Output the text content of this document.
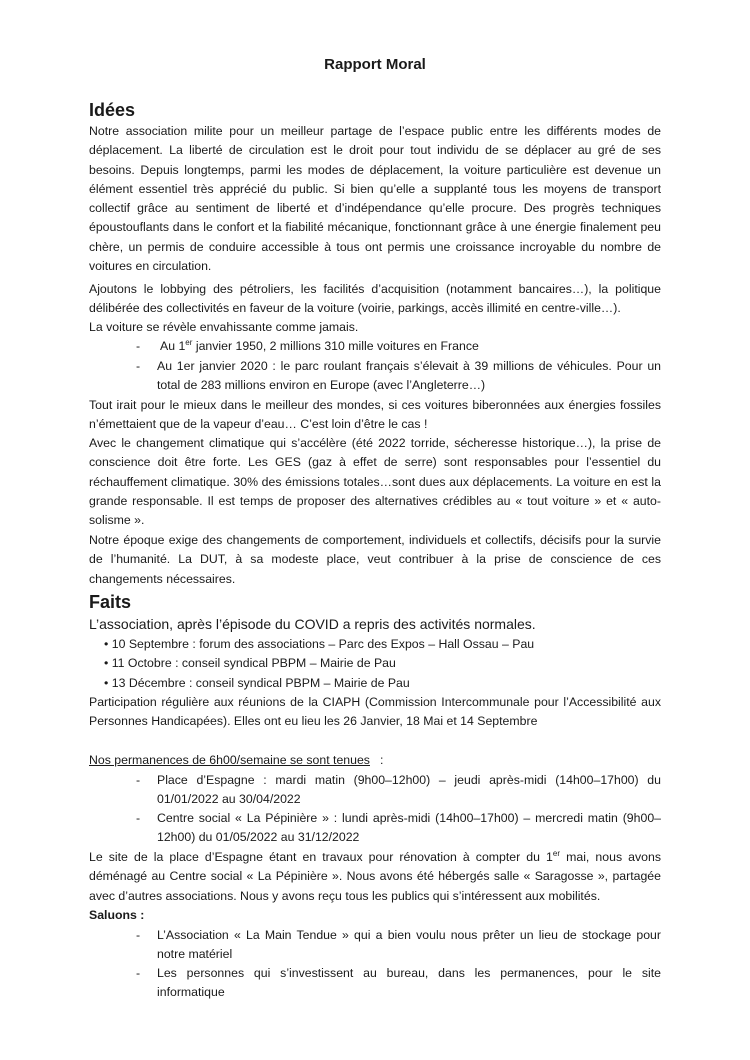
Rapport Moral
Idées
Notre association milite pour un meilleur partage de l’espace public entre les différents modes de déplacement. La liberté de circulation est le droit pour tout individu de se déplacer au gré de ses besoins. Depuis longtemps, parmi les modes de déplacement, la voiture particulière est devenue un élément essentiel très apprécié du public. Si bien qu’elle a supplanté tous les moyens de transport collectif grâce au sentiment de liberté et d’indépendance qu’elle procure. Des progrès techniques époustouflants dans le confort et la fiabilité mécanique, fonctionnant grâce à une énergie finalement peu chère, un permis de conduire accessible à tous ont permis une croissance incroyable du nombre de voitures en circulation.
Ajoutons le lobbying des pétroliers, les facilités d’acquisition (notamment bancaires…), la politique délibérée des collectivités en faveur de la voiture (voirie, parkings, accès illimité en centre-ville…).
La voiture se révèle envahissante comme jamais.
- Au 1er janvier 1950, 2 millions 310 mille voitures en France
- Au 1er janvier 2020 : le parc roulant français s’élevait à 39 millions de véhicules. Pour un total de 283 millions environ en Europe (avec l’Angleterre…)
Tout irait pour le mieux dans le meilleur des mondes, si ces voitures biberonnées aux énergies fossiles n’émettaient que de la vapeur d’eau… C’est loin d’être le cas !
Avec le changement climatique qui s’accélère (été 2022 torride, sécheresse historique…), la prise de conscience doit être forte. Les GES (gaz à effet de serre) sont responsables pour l’essentiel du réchauffement climatique. 30% des émissions totales…sont dues aux déplacements. La voiture en est la grande responsable. Il est temps de proposer des alternatives crédibles au « tout voiture » et « auto-solisme ».
Notre époque exige des changements de comportement, individuels et collectifs, décisifs pour la survie de l’humanité. La DUT, à sa modeste place, veut contribuer à la prise de conscience de ces changements nécessaires.
Faits
L’association, après l’épisode du COVID a repris des activités normales.
• 10 Septembre : forum des associations – Parc des Expos – Hall Ossau – Pau
• 11 Octobre : conseil syndical PBPM – Mairie de Pau
• 13 Décembre : conseil syndical PBPM – Mairie de Pau
Participation régulière aux réunions de la CIAPH (Commission Intercommunale pour l’Accessibilité aux Personnes Handicapées). Elles ont eu lieu les 26 Janvier, 18 Mai et 14 Septembre
Nos permanences de 6h00/semaine se sont tenues :
- Place d’Espagne : mardi matin (9h00–12h00) – jeudi après-midi (14h00–17h00) du 01/01/2022 au 30/04/2022
- Centre social « La Pépinière » : lundi après-midi (14h00–17h00) – mercredi matin (9h00–12h00) du 01/05/2022 au 31/12/2022
Le site de la place d’Espagne étant en travaux pour rénovation à compter du 1er mai, nous avons déménagé au Centre social « La Pépinière ». Nous avons été hébergés salle « Saragosse », partagée avec d’autres associations. Nous y avons reçu tous les publics qui s’intéressent aux mobilités.
Saluons :
- L’Association « La Main Tendue » qui a bien voulu nous prêter un lieu de stockage pour notre matériel
- Les personnes qui s’investissent au bureau, dans les permanences, pour le site informatique
